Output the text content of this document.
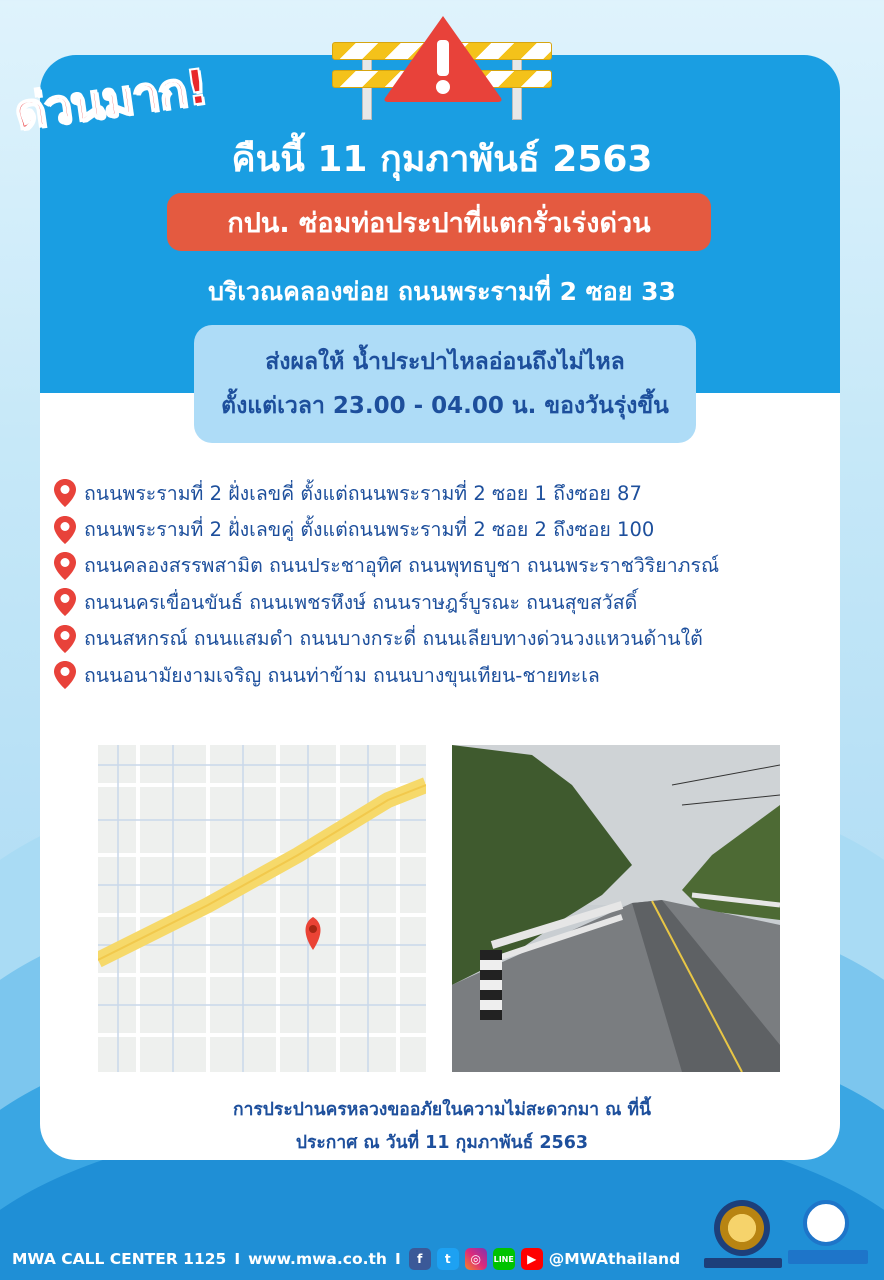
ด่วนมาก!
คืนนี้ 11 กุมภาพันธ์ 2563
กปน. ซ่อมท่อประปาที่แตกรั่วเร่งด่วน
บริเวณคลองข่อย ถนนพระรามที่ 2 ซอย 33
ส่งผลให้ น้ำประปาไหลอ่อนถึงไม่ไหล
ตั้งแต่เวลา 23.00 - 04.00 น. ของวันรุ่งขึ้น
ถนนพระรามที่ 2 ฝั่งเลขคี่ ตั้งแต่ถนนพระรามที่ 2 ซอย 1 ถึงซอย 87
ถนนพระรามที่ 2 ฝั่งเลขคู่ ตั้งแต่ถนนพระรามที่ 2 ซอย 2 ถึงซอย 100
ถนนคลองสรรพสามิต ถนนประชาอุทิศ ถนนพุทธบูชา ถนนพระราชวิริยาภรณ์
ถนนนครเขื่อนขันธ์ ถนนเพชรหึงษ์ ถนนราษฎร์บูรณะ ถนนสุขสวัสดิ์
ถนนสหกรณ์ ถนนแสมดำ ถนนบางกระดี่ ถนนเลียบทางด่วนวงแหวนด้านใต้
ถนนอนามัยงามเจริญ ถนนท่าข้าม ถนนบางขุนเทียน-ชายทะเล
การประปานครหลวงขออภัยในความไม่สะดวกมา ณ ที่นี้
ประกาศ ณ วันที่ 11 กุมภาพันธ์ 2563
MWA CALL CENTER 1125 I www.mwa.co.th I	f	t	◎	LINE	▶ @MWAthailand
